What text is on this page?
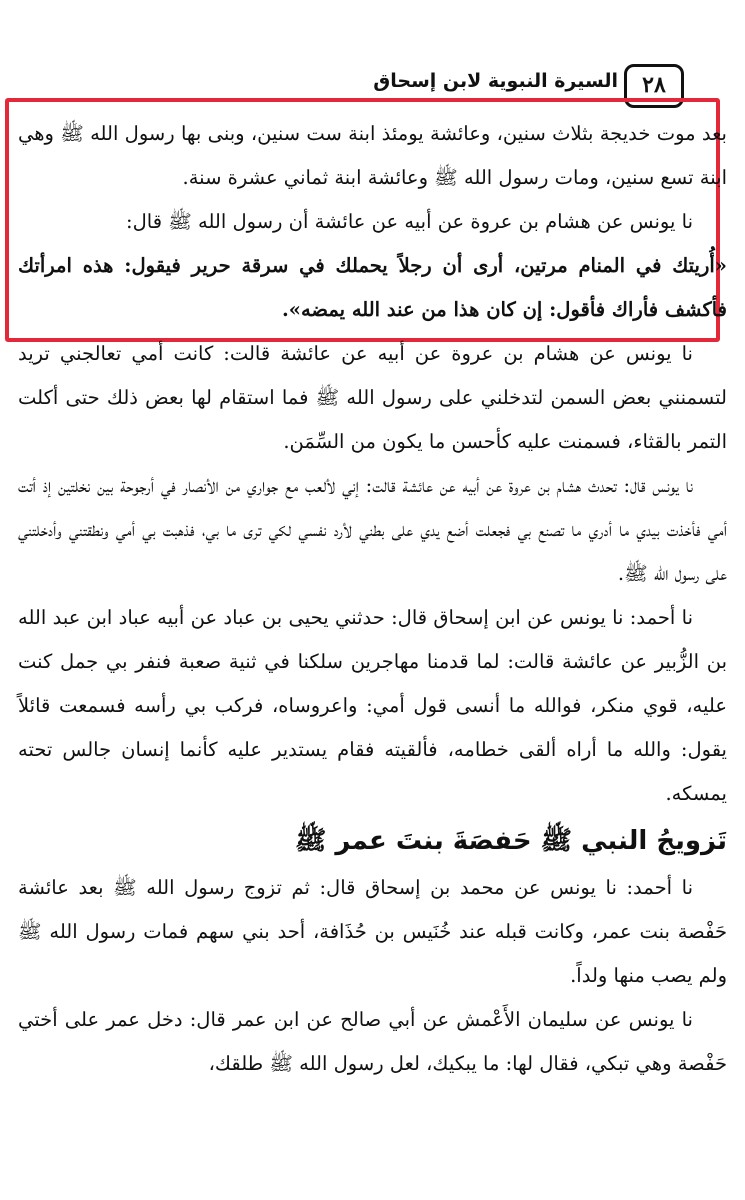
٢٨
السيرة النبوية لابن إسحاق

بعد موت خديجة بثلاث سنين، وعائشة يومئذ ابنة ست سنين، وبنى بها رسول الله ﷺ وهي ابنة تسع سنين، ومات رسول الله ﷺ وعائشة ابنة ثماني عشرة سنة.

نا يونس عن هشام بن عروة عن أبيه عن عائشة أن رسول الله ﷺ قال:

«أُريتك في المنام مرتين، أرى أن رجلاً يحملك في سرقة حرير فيقول: هذه امرأتك فأكشف فأراك فأقول: إن كان هذا من عند الله يمضه».

نا يونس عن هشام بن عروة عن أبيه عن عائشة قالت: كانت أمي تعالجني تريد لتسمنني بعض السمن لتدخلني على رسول الله ﷺ فما استقام لها بعض ذلك حتى أكلت التمر بالقثاء، فسمنت عليه كأحسن ما يكون من السِّمَن.

نا يونس قال: تحدث هشام بن عروة عن أبيه عن عائشة قالت: إني لألعب مع جواري من الأنصار في أرجوحة بين نخلتين إذ أتت أمي فأخذت بيدي ما أدري ما تصنع بي فجعلت أضع يدي على بطني لأرد نفسي لكي ترى ما بي، فذهبت بي أمي ونطقتني وأدخلتني على رسول الله ﷺ.

نا أحمد: نا يونس عن ابن إسحاق قال: حدثني يحيى بن عباد عن أبيه عباد ابن عبد الله بن الزُّبير عن عائشة قالت: لما قدمنا مهاجرين سلكنا في ثنية صعبة فنفر بي جمل كنت عليه، قوي منكر، فوالله ما أنسى قول أمي: واعروساه، فركب بي رأسه فسمعت قائلاً يقول: والله ما أراه ألقى خطامه، فألقيته فقام يستدير عليه كأنما إنسان جالس تحته يمسكه.

تَزويجُ النبي ﷺ حَفصَةَ بنتَ عمر ﷺ

نا أحمد: نا يونس عن محمد بن إسحاق قال: ثم تزوج رسول الله ﷺ بعد عائشة حَفْصة بنت عمر، وكانت قبله عند خُنَيس بن حُذَافة، أحد بني سهم فمات رسول الله ﷺ ولم يصب منها ولداً.

نا يونس عن سليمان الأَعْمش عن أبي صالح عن ابن عمر قال: دخل عمر على أختي حَفْصة وهي تبكي، فقال لها: ما يبكيك، لعل رسول الله ﷺ طلقك،
